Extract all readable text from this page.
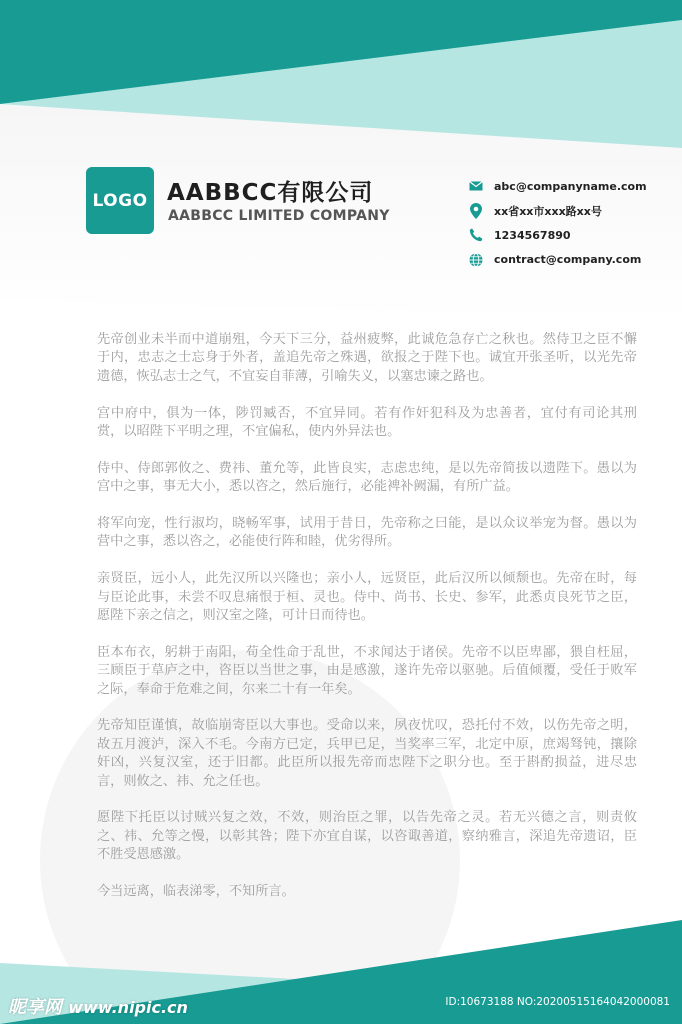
LOGO AABBCC有限公司
AABBCC LIMITED COMPANY
abc@companyname.com
xx省xx市xxx路xx号
1234567890
contract@company.com

先帝创业未半而中道崩殂，今天下三分，益州疲弊，此诚危急存亡之秋也。然侍卫之臣不懈于内，忠志之士忘身于外者，盖追先帝之殊遇，欲报之于陛下也。诚宜开张圣听，以光先帝遗德，恢弘志士之气，不宜妄自菲薄，引喻失义，以塞忠谏之路也。

宫中府中，俱为一体，陟罚臧否，不宜异同。若有作奸犯科及为忠善者，宜付有司论其刑赏，以昭陛下平明之理，不宜偏私，使内外异法也。

侍中、侍郎郭攸之、费祎、董允等，此皆良实，志虑忠纯，是以先帝简拔以遗陛下。愚以为宫中之事，事无大小，悉以咨之，然后施行，必能裨补阙漏，有所广益。

将军向宠，性行淑均，晓畅军事，试用于昔日，先帝称之曰能，是以众议举宠为督。愚以为营中之事，悉以咨之，必能使行阵和睦，优劣得所。

亲贤臣，远小人，此先汉所以兴隆也；亲小人，远贤臣，此后汉所以倾颓也。先帝在时，每与臣论此事，未尝不叹息痛恨于桓、灵也。侍中、尚书、长史、参军，此悉贞良死节之臣，愿陛下亲之信之，则汉室之隆，可计日而待也。

臣本布衣，躬耕于南阳，苟全性命于乱世，不求闻达于诸侯。先帝不以臣卑鄙，猥自枉屈，三顾臣于草庐之中，咨臣以当世之事，由是感激，遂许先帝以驱驰。后值倾覆，受任于败军之际，奉命于危难之间，尔来二十有一年矣。

先帝知臣谨慎，故临崩寄臣以大事也。受命以来，夙夜忧叹，恐托付不效，以伤先帝之明，故五月渡泸，深入不毛。今南方已定，兵甲已足，当奖率三军，北定中原，庶竭驽钝，攘除奸凶，兴复汉室，还于旧都。此臣所以报先帝而忠陛下之职分也。至于斟酌损益，进尽忠言，则攸之、祎、允之任也。

愿陛下托臣以讨贼兴复之效，不效，则治臣之罪，以告先帝之灵。若无兴德之言，则责攸之、祎、允等之慢，以彰其咎；陛下亦宜自谋，以咨诹善道，察纳雅言，深追先帝遗诏，臣不胜受恩感激。

今当远离，临表涕零，不知所言。

昵享网 www.nipic.cn	ID:10673188 NO:20200515164042000081
